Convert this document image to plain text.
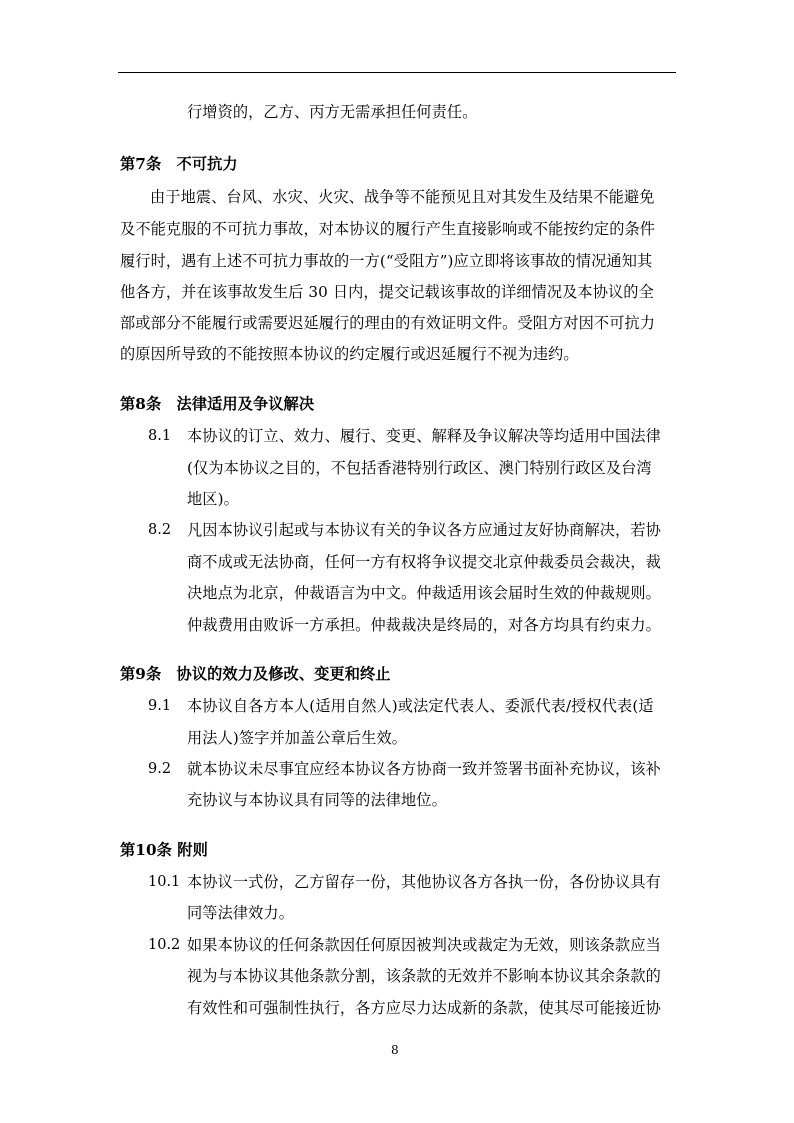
行增资的，乙方、丙方无需承担任何责任。
第7条　不可抗力
由于地震、台风、水灾、火灾、战争等不能预见且对其发生及结果不能避免
及不能克服的不可抗力事故，对本协议的履行产生直接影响或不能按约定的条件
履行时，遇有上述不可抗力事故的一方(“受阻方”)应立即将该事故的情况通知其
他各方，并在该事故发生后 30 日内，提交记载该事故的详细情况及本协议的全
部或部分不能履行或需要迟延履行的理由的有效证明文件。受阻方对因不可抗力
的原因所导致的不能按照本协议的约定履行或迟延履行不视为违约。
第8条　法律适用及争议解决
8.1 本协议的订立、效力、履行、变更、解释及争议解决等均适用中国法律
(仅为本协议之目的，不包括香港特别行政区、澳门特别行政区及台湾
地区)。
8.2 凡因本协议引起或与本协议有关的争议各方应通过友好协商解决，若协
商不成或无法协商，任何一方有权将争议提交北京仲裁委员会裁决，裁
决地点为北京，仲裁语言为中文。仲裁适用该会届时生效的仲裁规则。
仲裁费用由败诉一方承担。仲裁裁决是终局的，对各方均具有约束力。
第9条　协议的效力及修改、变更和终止
9.1 本协议自各方本人(适用自然人)或法定代表人、委派代表/授权代表(适
用法人)签字并加盖公章后生效。
9.2 就本协议未尽事宜应经本协议各方协商一致并签署书面补充协议，该补
充协议与本协议具有同等的法律地位。
第10条 附则
10.1 本协议一式份，乙方留存一份，其他协议各方各执一份，各份协议具有
同等法律效力。
10.2 如果本协议的任何条款因任何原因被判决或裁定为无效，则该条款应当
视为与本协议其他条款分割，该条款的无效并不影响本协议其余条款的
有效性和可强制性执行，各方应尽力达成新的条款，使其尽可能接近协
8
